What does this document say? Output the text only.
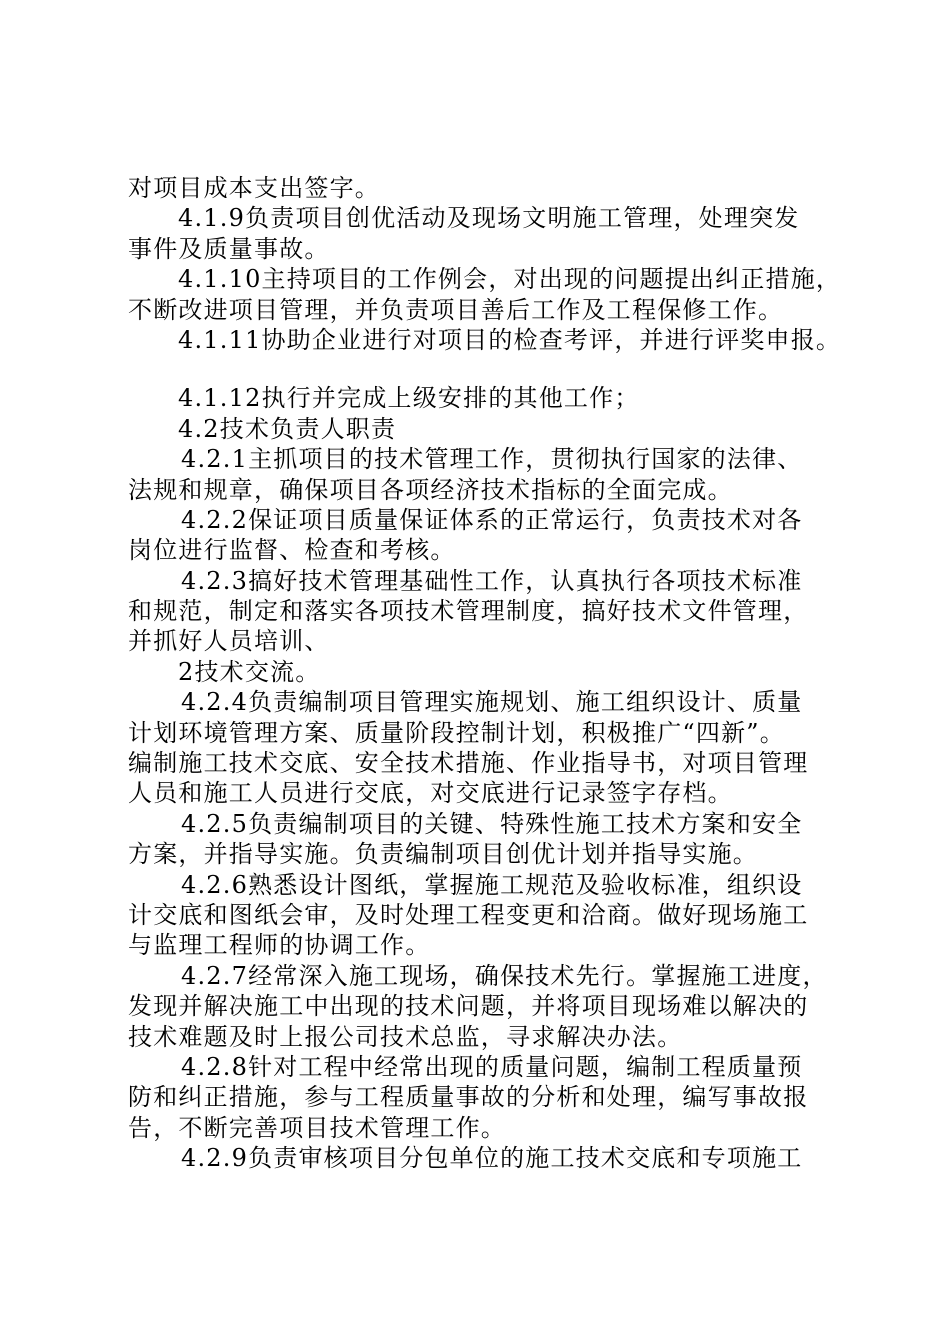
对项目成本支出签字。
4.1.9负责项目创优活动及现场文明施工管理，处理突发
事件及质量事故。
4.1.10主持项目的工作例会，对出现的问题提出纠正措施，
不断改进项目管理，并负责项目善后工作及工程保修工作。
4.1.11协助企业进行对项目的检查考评，并进行评奖申报。
4.1.12执行并完成上级安排的其他工作；
4.2技术负责人职责
4.2.1主抓项目的技术管理工作，贯彻执行国家的法律、
法规和规章，确保项目各项经济技术指标的全面完成。
4.2.2保证项目质量保证体系的正常运行，负责技术对各
岗位进行监督、检查和考核。
4.2.3搞好技术管理基础性工作，认真执行各项技术标准
和规范，制定和落实各项技术管理制度，搞好技术文件管理，
并抓好人员培训、
2技术交流。
4.2.4负责编制项目管理实施规划、施工组织设计、质量
计划环境管理方案、质量阶段控制计划，积极推广“四新”。
编制施工技术交底、安全技术措施、作业指导书，对项目管理
人员和施工人员进行交底，对交底进行记录签字存档。
4.2.5负责编制项目的关键、特殊性施工技术方案和安全
方案，并指导实施。负责编制项目创优计划并指导实施。
4.2.6熟悉设计图纸，掌握施工规范及验收标准，组织设
计交底和图纸会审，及时处理工程变更和洽商。做好现场施工
与监理工程师的协调工作。
4.2.7经常深入施工现场，确保技术先行。掌握施工进度，
发现并解决施工中出现的技术问题，并将项目现场难以解决的
技术难题及时上报公司技术总监，寻求解决办法。
4.2.8针对工程中经常出现的质量问题，编制工程质量预
防和纠正措施，参与工程质量事故的分析和处理，编写事故报
告，不断完善项目技术管理工作。
4.2.9负责审核项目分包单位的施工技术交底和专项施工
